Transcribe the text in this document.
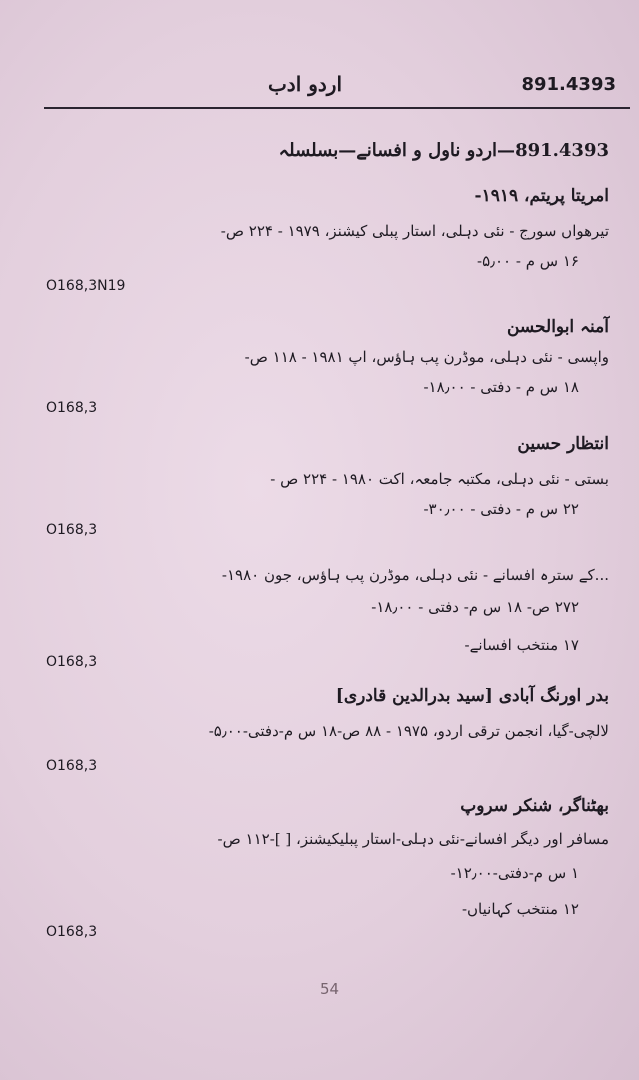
891.4393
اردو ادب
891.4393—اردو ناول و افسانے—بسلسلہ
امریتا پریتم، ۱۹۱۹-
تیرھواں سورج - نئی دہلی، استار پبلی کیشنز، ۱۹۷۹ - ۲۲۴ ص-
۱۶ س م - ۵٫۰۰-
O168,3N19
آمنہ ابوالحسن
واپسی - نئی دہلی، موڈرن پب ہاؤس، اپ ۱۹۸۱ - ۱۱۸ ص-
۱۸ س م - دفتی - ۱۸٫۰۰-
O168,3
انتظار حسین
بستی - نئی دہلی، مکتبہ جامعہ، اکت ۱۹۸۰ - ۲۲۴ ص -
۲۲ س م - دفتی - ۳۰٫۰۰-
O168,3
...کے سترہ افسانے - نئی دہلی، موڈرن پب ہاؤس، جون ۱۹۸۰-
۲۷۲ ص- ۱۸ س م- دفتی - ۱۸٫۰۰-
۱۷ منتخب افسانے-
O168,3
بدر اورنگ آبادی [سید بدرالدین قادری]
لالچی-گیا، انجمن ترقی اردو، ۱۹۷۵ - ۸۸ ص-۱۸ س م-دفتی-۵٫۰۰-
O168,3
بھٹناگر، شنکر سروپ
مسافر اور دیگر افسانے-نئی دہلی-استار پبلیکیشنز، [ ]-۱۱۲ ص-
۱ س م-دفتی-۱۲٫۰۰-
۱۲ منتخب کہانیاں-
O168,3
54
